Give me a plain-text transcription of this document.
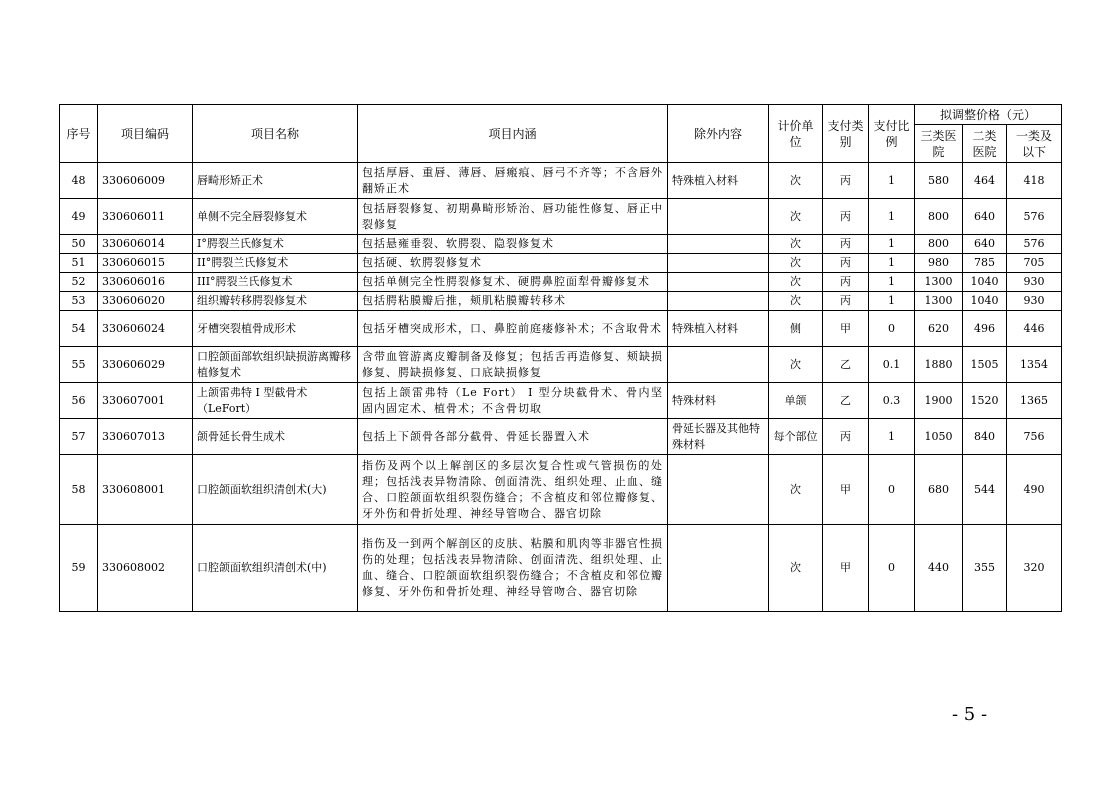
序号	项目编码	项目名称	项目内涵	除外内容	计价单位	支付类别	支付比例	拟调整价格（元）		
								三类医院	二类医院	一类及以下
48	330606009	唇畸形矫正术	包括厚唇、重唇、薄唇、唇瘢痕、唇弓不齐等；不含唇外翻矫正术	特殊植入材料	次	丙	1	580	464	418
49	330606011	单侧不完全唇裂修复术	包括唇裂修复、初期鼻畸形矫治、唇功能性修复、唇正中裂修复		次	丙	1	800	640	576
50	330606014	I°腭裂兰氏修复术	包括悬雍垂裂、软腭裂、隐裂修复术		次	丙	1	800	640	576
51	330606015	II°腭裂兰氏修复术	包括硬、软腭裂修复术		次	丙	1	980	785	705
52	330606016	III°腭裂兰氏修复术	包括单侧完全性腭裂修复术、硬腭鼻腔面犁骨瓣修复术		次	丙	1	1300	1040	930
53	330606020	组织瓣转移腭裂修复术	包括腭粘膜瓣后推，颊肌粘膜瓣转移术		次	丙	1	1300	1040	930
54	330606024	牙槽突裂植骨成形术	包括牙槽突成形术，口、鼻腔前庭瘘修补术；不含取骨术	特殊植入材料	侧	甲	0	620	496	446
55	330606029	口腔颌面部软组织缺损游离瓣移植修复术	含带血管游离皮瓣制备及修复；包括舌再造修复、颊缺损修复、腭缺损修复、口底缺损修复		次	乙	0.1	1880	1505	1354
56	330607001	上颌雷弗特 I 型截骨术（LeFort）	包括上颌雷弗特（Le Fort） I 型分块截骨术、骨内坚固内固定术、植骨术；不含骨切取	特殊材料	单颌	乙	0.3	1900	1520	1365
57	330607013	颌骨延长骨生成术	包括上下颌骨各部分截骨、骨延长器置入术	骨延长器及其他特殊材料	每个部位	丙	1	1050	840	756
58	330608001	口腔颌面软组织清创术(大)	指伤及两个以上解剖区的多层次复合性或气管损伤的处理；包括浅表异物清除、创面清洗、组织处理、止血、缝合、口腔颌面软组织裂伤缝合；不含植皮和邻位瓣修复、牙外伤和骨折处理、神经导管吻合、器官切除		次	甲	0	680	544	490
59	330608002	口腔颌面软组织清创术(中)	指伤及一到两个解剖区的皮肤、粘膜和肌肉等非器官性损伤的处理；包括浅表异物清除、创面清洗、组织处理、止血、缝合、口腔颌面软组织裂伤缝合；不含植皮和邻位瓣修复、牙外伤和骨折处理、神经导管吻合、器官切除		次	甲	0	440	355	320
- 5 -
